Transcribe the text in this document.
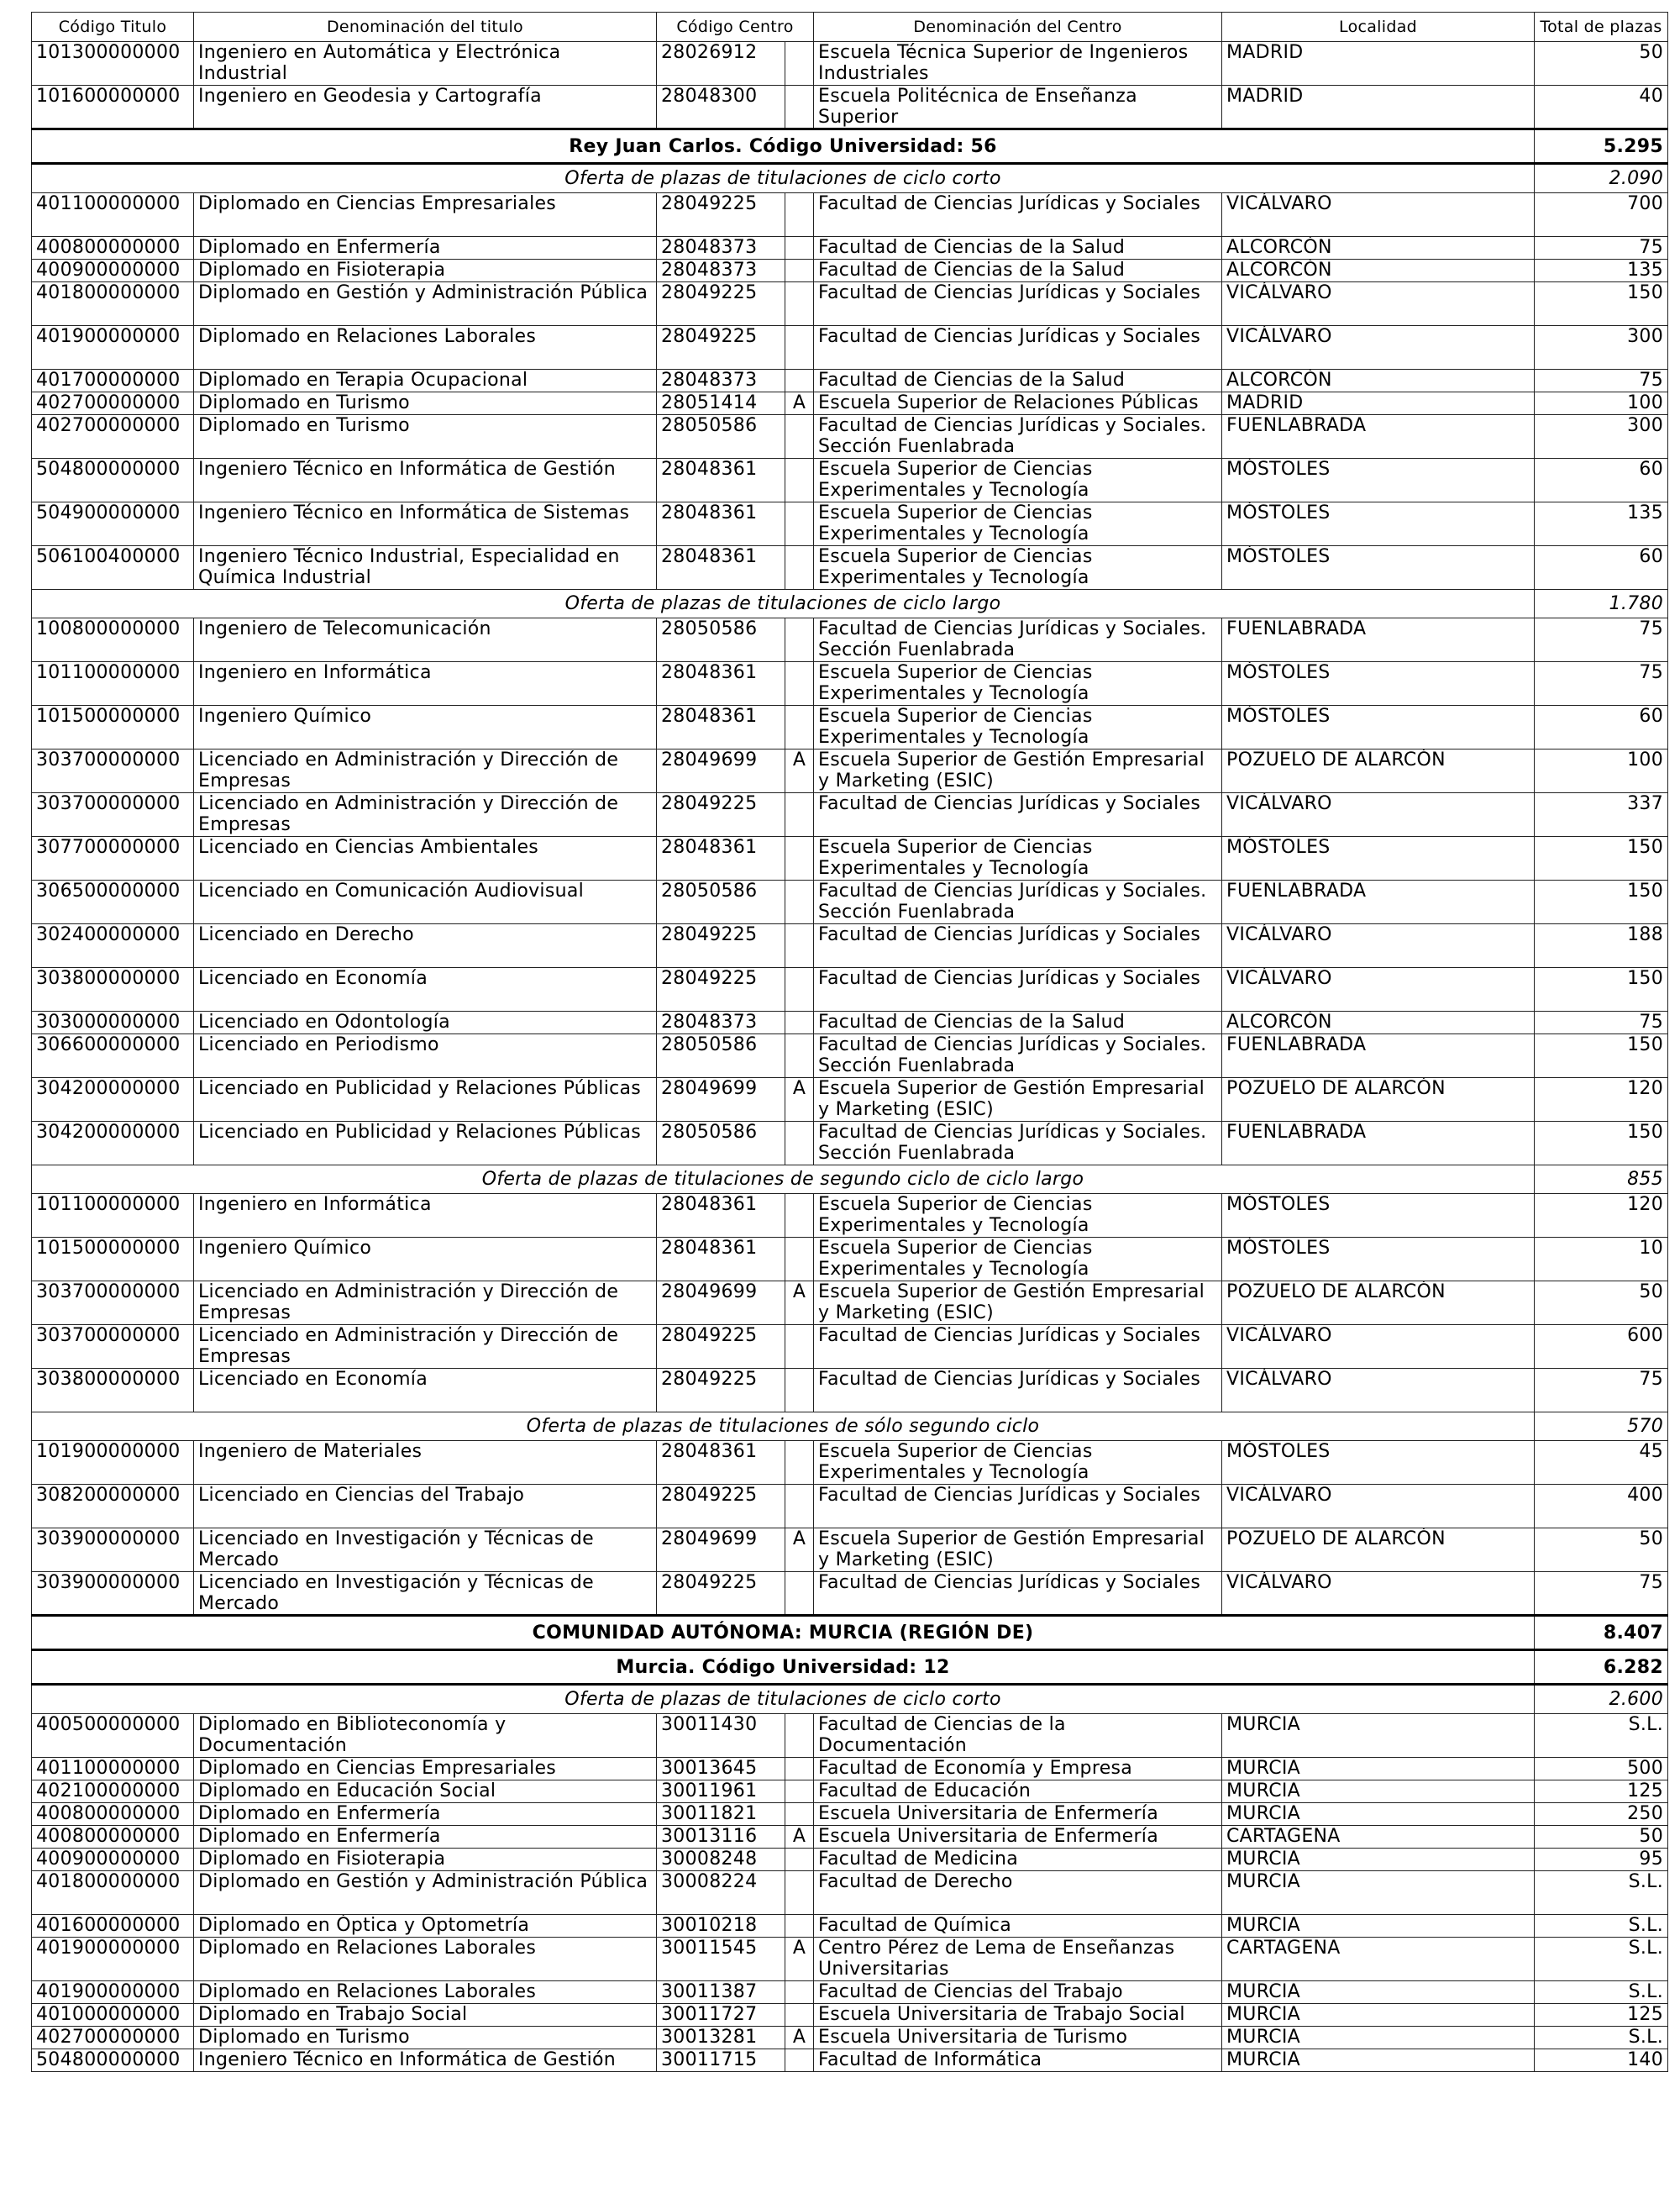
Código Titulo	Denominación del titulo	Código Centro		Denominación del Centro	Localidad	Total de plazas
101300000000	Ingeniero en Automática y Electrónica Industrial	28026912		Escuela Técnica Superior de Ingenieros Industriales	MADRID	50
101600000000	Ingeniero en Geodesia y Cartografía	28048300		Escuela Politécnica de Enseñanza Superior	MADRID	40
Rey Juan Carlos. Código Universidad: 56						5.295
Oferta de plazas de titulaciones de ciclo corto						2.090
401100000000	Diplomado en Ciencias Empresariales	28049225		Facultad de Ciencias Jurídicas y Sociales	VICÁLVARO	700
400800000000	Diplomado en Enfermería	28048373		Facultad de Ciencias de la Salud	ALCORCÓN	75
400900000000	Diplomado en Fisioterapia	28048373		Facultad de Ciencias de la Salud	ALCORCÓN	135
401800000000	Diplomado en Gestión y Administración Pública	28049225		Facultad de Ciencias Jurídicas y Sociales	VICÁLVARO	150
401900000000	Diplomado en Relaciones Laborales	28049225		Facultad de Ciencias Jurídicas y Sociales	VICÁLVARO	300
401700000000	Diplomado en Terapia Ocupacional	28048373		Facultad de Ciencias de la Salud	ALCORCÓN	75
402700000000	Diplomado en Turismo	28051414	A	Escuela Superior de Relaciones Públicas	MADRID	100
402700000000	Diplomado en Turismo	28050586		Facultad de Ciencias Jurídicas y Sociales. Sección Fuenlabrada	FUENLABRADA	300
504800000000	Ingeniero Técnico en Informática de Gestión	28048361		Escuela Superior de Ciencias Experimentales y Tecnología	MÓSTOLES	60
504900000000	Ingeniero Técnico en Informática de Sistemas	28048361		Escuela Superior de Ciencias Experimentales y Tecnología	MÓSTOLES	135
506100400000	Ingeniero Técnico Industrial, Especialidad en Química Industrial	28048361		Escuela Superior de Ciencias Experimentales y Tecnología	MÓSTOLES	60
Oferta de plazas de titulaciones de ciclo largo						1.780
100800000000	Ingeniero de Telecomunicación	28050586		Facultad de Ciencias Jurídicas y Sociales. Sección Fuenlabrada	FUENLABRADA	75
101100000000	Ingeniero en Informática	28048361		Escuela Superior de Ciencias Experimentales y Tecnología	MÓSTOLES	75
101500000000	Ingeniero Químico	28048361		Escuela Superior de Ciencias Experimentales y Tecnología	MÓSTOLES	60
303700000000	Licenciado en Administración y Dirección de Empresas	28049699	A	Escuela Superior de Gestión Empresarial y Marketing (ESIC)	POZUELO DE ALARCÓN	100
303700000000	Licenciado en Administración y Dirección de Empresas	28049225		Facultad de Ciencias Jurídicas y Sociales	VICÁLVARO	337
307700000000	Licenciado en Ciencias Ambientales	28048361		Escuela Superior de Ciencias Experimentales y Tecnología	MÓSTOLES	150
306500000000	Licenciado en Comunicación Audiovisual	28050586		Facultad de Ciencias Jurídicas y Sociales. Sección Fuenlabrada	FUENLABRADA	150
302400000000	Licenciado en Derecho	28049225		Facultad de Ciencias Jurídicas y Sociales	VICÁLVARO	188
303800000000	Licenciado en Economía	28049225		Facultad de Ciencias Jurídicas y Sociales	VICÁLVARO	150
303000000000	Licenciado en Odontología	28048373		Facultad de Ciencias de la Salud	ALCORCÓN	75
306600000000	Licenciado en Periodismo	28050586		Facultad de Ciencias Jurídicas y Sociales. Sección Fuenlabrada	FUENLABRADA	150
304200000000	Licenciado en Publicidad y Relaciones Públicas	28049699	A	Escuela Superior de Gestión Empresarial y Marketing (ESIC)	POZUELO DE ALARCÓN	120
304200000000	Licenciado en Publicidad y Relaciones Públicas	28050586		Facultad de Ciencias Jurídicas y Sociales. Sección Fuenlabrada	FUENLABRADA	150
Oferta de plazas de titulaciones de segundo ciclo de ciclo largo						855
101100000000	Ingeniero en Informática	28048361		Escuela Superior de Ciencias Experimentales y Tecnología	MÓSTOLES	120
101500000000	Ingeniero Químico	28048361		Escuela Superior de Ciencias Experimentales y Tecnología	MÓSTOLES	10
303700000000	Licenciado en Administración y Dirección de Empresas	28049699	A	Escuela Superior de Gestión Empresarial y Marketing (ESIC)	POZUELO DE ALARCÓN	50
303700000000	Licenciado en Administración y Dirección de Empresas	28049225		Facultad de Ciencias Jurídicas y Sociales	VICÁLVARO	600
303800000000	Licenciado en Economía	28049225		Facultad de Ciencias Jurídicas y Sociales	VICÁLVARO	75
Oferta de plazas de titulaciones de sólo segundo ciclo						570
101900000000	Ingeniero de Materiales	28048361		Escuela Superior de Ciencias Experimentales y Tecnología	MÓSTOLES	45
308200000000	Licenciado en Ciencias del Trabajo	28049225		Facultad de Ciencias Jurídicas y Sociales	VICÁLVARO	400
303900000000	Licenciado en Investigación y Técnicas de Mercado	28049699	A	Escuela Superior de Gestión Empresarial y Marketing (ESIC)	POZUELO DE ALARCÓN	50
303900000000	Licenciado en Investigación y Técnicas de Mercado	28049225		Facultad de Ciencias Jurídicas y Sociales	VICÁLVARO	75
COMUNIDAD AUTÓNOMA: MURCIA (REGIÓN DE)						8.407
Murcia. Código Universidad: 12						6.282
Oferta de plazas de titulaciones de ciclo corto						2.600
400500000000	Diplomado en Biblioteconomía y Documentación	30011430		Facultad de Ciencias de la Documentación	MURCIA	S.L.
401100000000	Diplomado en Ciencias Empresariales	30013645		Facultad de Economía y Empresa	MURCIA	500
402100000000	Diplomado en Educación Social	30011961		Facultad de Educación	MURCIA	125
400800000000	Diplomado en Enfermería	30011821		Escuela Universitaria de Enfermería	MURCIA	250
400800000000	Diplomado en Enfermería	30013116	A	Escuela Universitaria de Enfermería	CARTAGENA	50
400900000000	Diplomado en Fisioterapia	30008248		Facultad de Medicina	MURCIA	95
401800000000	Diplomado en Gestión y Administración Pública	30008224		Facultad de Derecho	MURCIA	S.L.
401600000000	Diplomado en Óptica y Optometría	30010218		Facultad de Química	MURCIA	S.L.
401900000000	Diplomado en Relaciones Laborales	30011545	A	Centro Pérez de Lema de Enseñanzas Universitarias	CARTAGENA	S.L.
401900000000	Diplomado en Relaciones Laborales	30011387		Facultad de Ciencias del Trabajo	MURCIA	S.L.
401000000000	Diplomado en Trabajo Social	30011727		Escuela Universitaria de Trabajo Social	MURCIA	125
402700000000	Diplomado en Turismo	30013281	A	Escuela Universitaria de Turismo	MURCIA	S.L.
504800000000	Ingeniero Técnico en Informática de Gestión	30011715		Facultad de Informática	MURCIA	140
